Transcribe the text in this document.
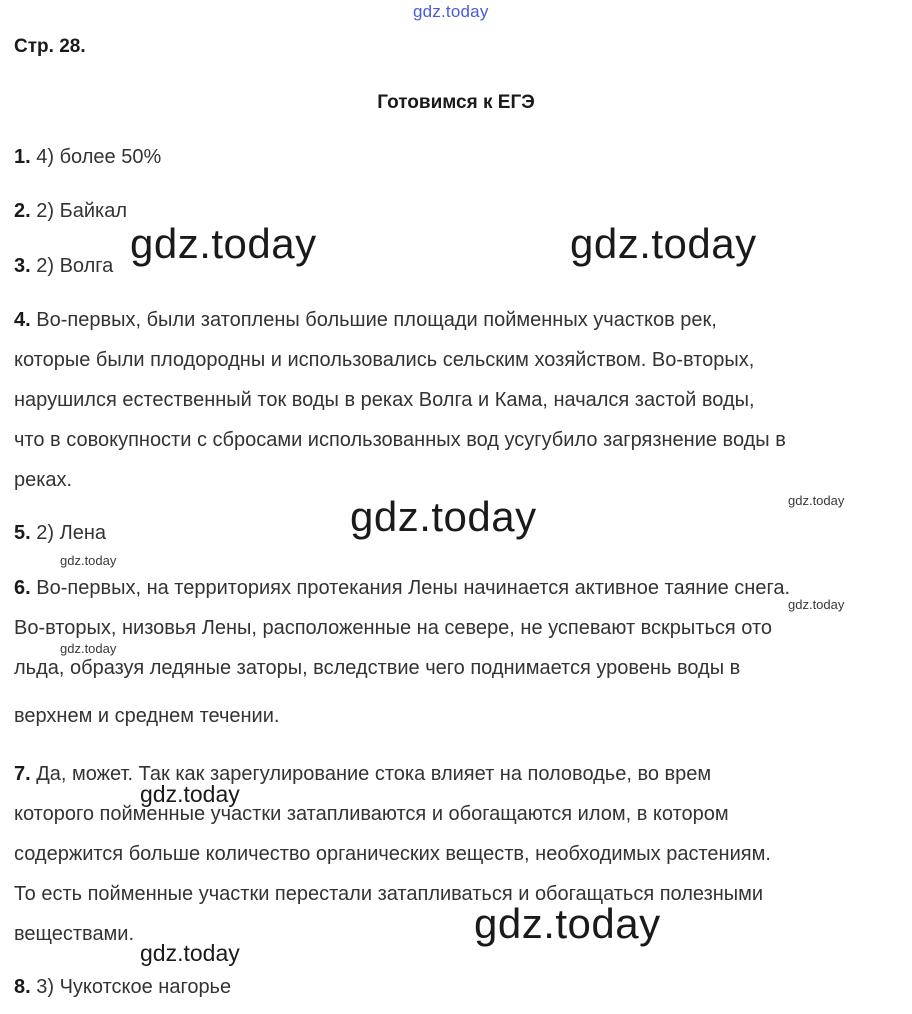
gdz.today
Стр. 28.
Готовимся к ЕГЭ
1. 4) более 50%
2. 2) Байкал
3. 2) Волга
4. Во-первых, были затоплены большие площади пойменных участков рек,
которые были плодородны и использовались сельским хозяйством. Во-вторых,
нарушился естественный ток воды в реках Волга и Кама, начался застой воды,
что в совокупности с сбросами использованных вод усугубило загрязнение воды в
реках.
5. 2) Лена
6. Во-первых, на территориях протекания Лены начинается активное таяние снега.
Во-вторых, низовья Лены, расположенные на севере, не успевают вскрыться ото
льда, образуя ледяные заторы, вследствие чего поднимается уровень воды в
верхнем и среднем течении.
7. Да, может. Так как зарегулирование стока влияет на половодье, во врем
которого пойменные участки затапливаются и обогащаются илом, в котором
содержится больше количество органических веществ, необходимых растениям.
То есть пойменные участки перестали затапливаться и обогащаться полезными
веществами.
8. 3) Чукотское нагорье
gdz.today	gdz.today
gdz.today	gdz.today
gdz.today
gdz.today
gdz.today
gdz.today
gdz.today
gdz.today
